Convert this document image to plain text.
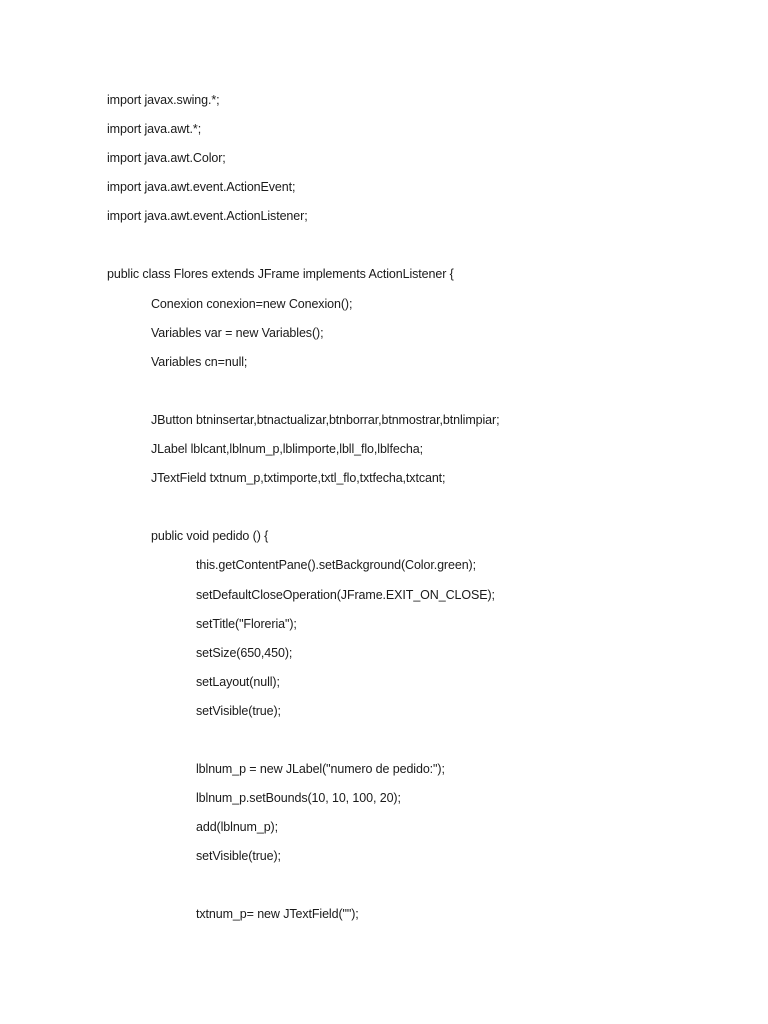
import javax.swing.*;
import java.awt.*;
import java.awt.Color;
import java.awt.event.ActionEvent;
import java.awt.event.ActionListener;
public class Flores extends JFrame implements ActionListener {
Conexion conexion=new Conexion();
Variables var = new Variables();
Variables cn=null;
JButton btninsertar,btnactualizar,btnborrar,btnmostrar,btnlimpiar;
JLabel lblcant,lblnum_p,lblimporte,lbll_flo,lblfecha;
JTextField txtnum_p,txtimporte,txtl_flo,txtfecha,txtcant;
public void pedido () {
this.getContentPane().setBackground(Color.green);
setDefaultCloseOperation(JFrame.EXIT_ON_CLOSE);
setTitle("Floreria");
setSize(650,450);
setLayout(null);
setVisible(true);
lblnum_p = new JLabel("numero de pedido:");
lblnum_p.setBounds(10, 10, 100, 20);
add(lblnum_p);
setVisible(true);
txtnum_p= new JTextField("");
